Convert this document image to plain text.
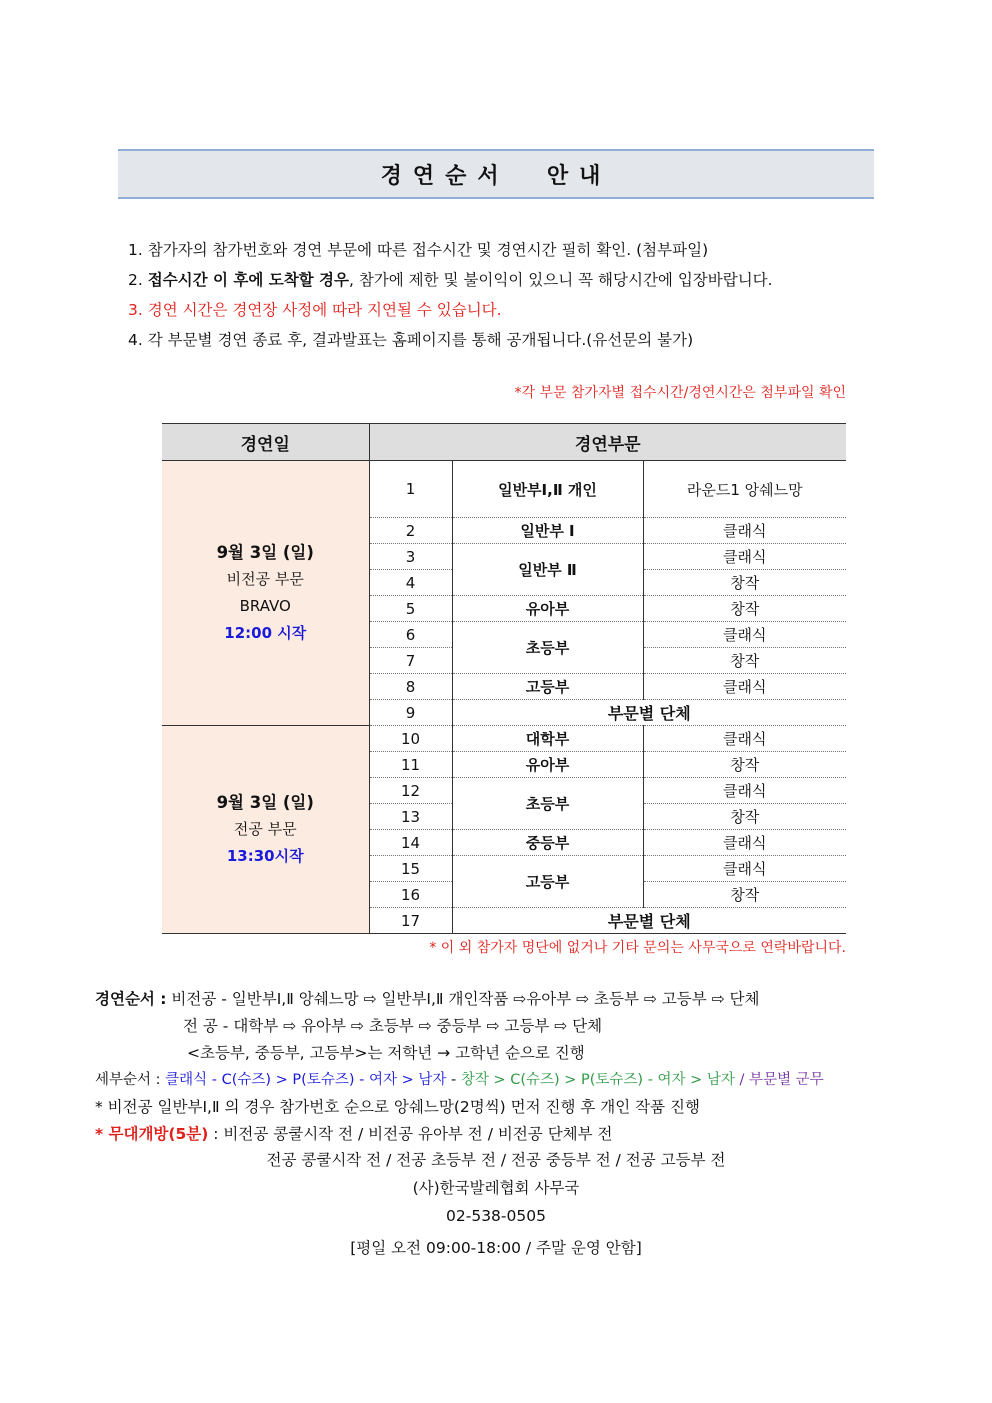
경연순서  안내
1. 참가자의 참가번호와 경연 부문에 따른 접수시간 및 경연시간 필히 확인. (첨부파일)
2. 접수시간 이 후에 도착할 경우, 참가에 제한 및 불이익이 있으니 꼭 해당시간에 입장바랍니다.
3. 경연 시간은 경연장 사정에 따라 지연될 수 있습니다.
4. 각 부문별 경연 종료 후, 결과발표는 홈페이지를 통해 공개됩니다.(유선문의 불가)
*각 부문 참가자별 접수시간/경연시간은 첨부파일 확인
경연일	경연부문		

9월 3일 (일)
비전공 부문
BRAVO
12:00 시작	1	일반부Ⅰ,Ⅱ 개인	라운드1 앙쉐느망
	2	일반부 Ⅰ	클래식
	3	일반부 Ⅱ	클래식
	4		창작
	5	유아부	창작
	6	초등부	클래식
	7		창작
	8	고등부	클래식
	9	부문별 단체	

9월 3일 (일)
전공 부문
13:30시작	10	대학부	클래식
	11	유아부	창작
	12	초등부	클래식
	13		창작
	14	중등부	클래식
	15	고등부	클래식
	16		창작
	17	부문별 단체	
* 이 외 참가자 명단에 없거나 기타 문의는 사무국으로 연락바랍니다.
경연순서 : 비전공 - 일반부Ⅰ,Ⅱ 앙쉐느망 ⇨ 일반부Ⅰ,Ⅱ 개인작품 ⇨유아부 ⇨ 초등부 ⇨ 고등부 ⇨ 단체
전 공 - 대학부 ⇨ 유아부 ⇨ 초등부 ⇨ 중등부 ⇨ 고등부 ⇨ 단체
<초등부, 중등부, 고등부>는 저학년 → 고학년 순으로 진행
세부순서 : 클래식 - C(슈즈) > P(토슈즈) - 여자 > 남자 - 창작 > C(슈즈) > P(토슈즈) - 여자 > 남자 / 부문별 군무
* 비전공 일반부Ⅰ,Ⅱ 의 경우 참가번호 순으로 앙쉐느망(2명씩) 먼저 진행 후 개인 작품 진행
* 무대개방(5분) : 비전공 콩쿨시작 전 / 비전공 유아부 전 / 비전공 단체부 전
전공 콩쿨시작 전 / 전공 초등부 전 / 전공 중등부 전 / 전공 고등부 전
(사)한국발레협회 사무국
02-538-0505
[평일 오전 09:00-18:00 / 주말 운영 안함]
